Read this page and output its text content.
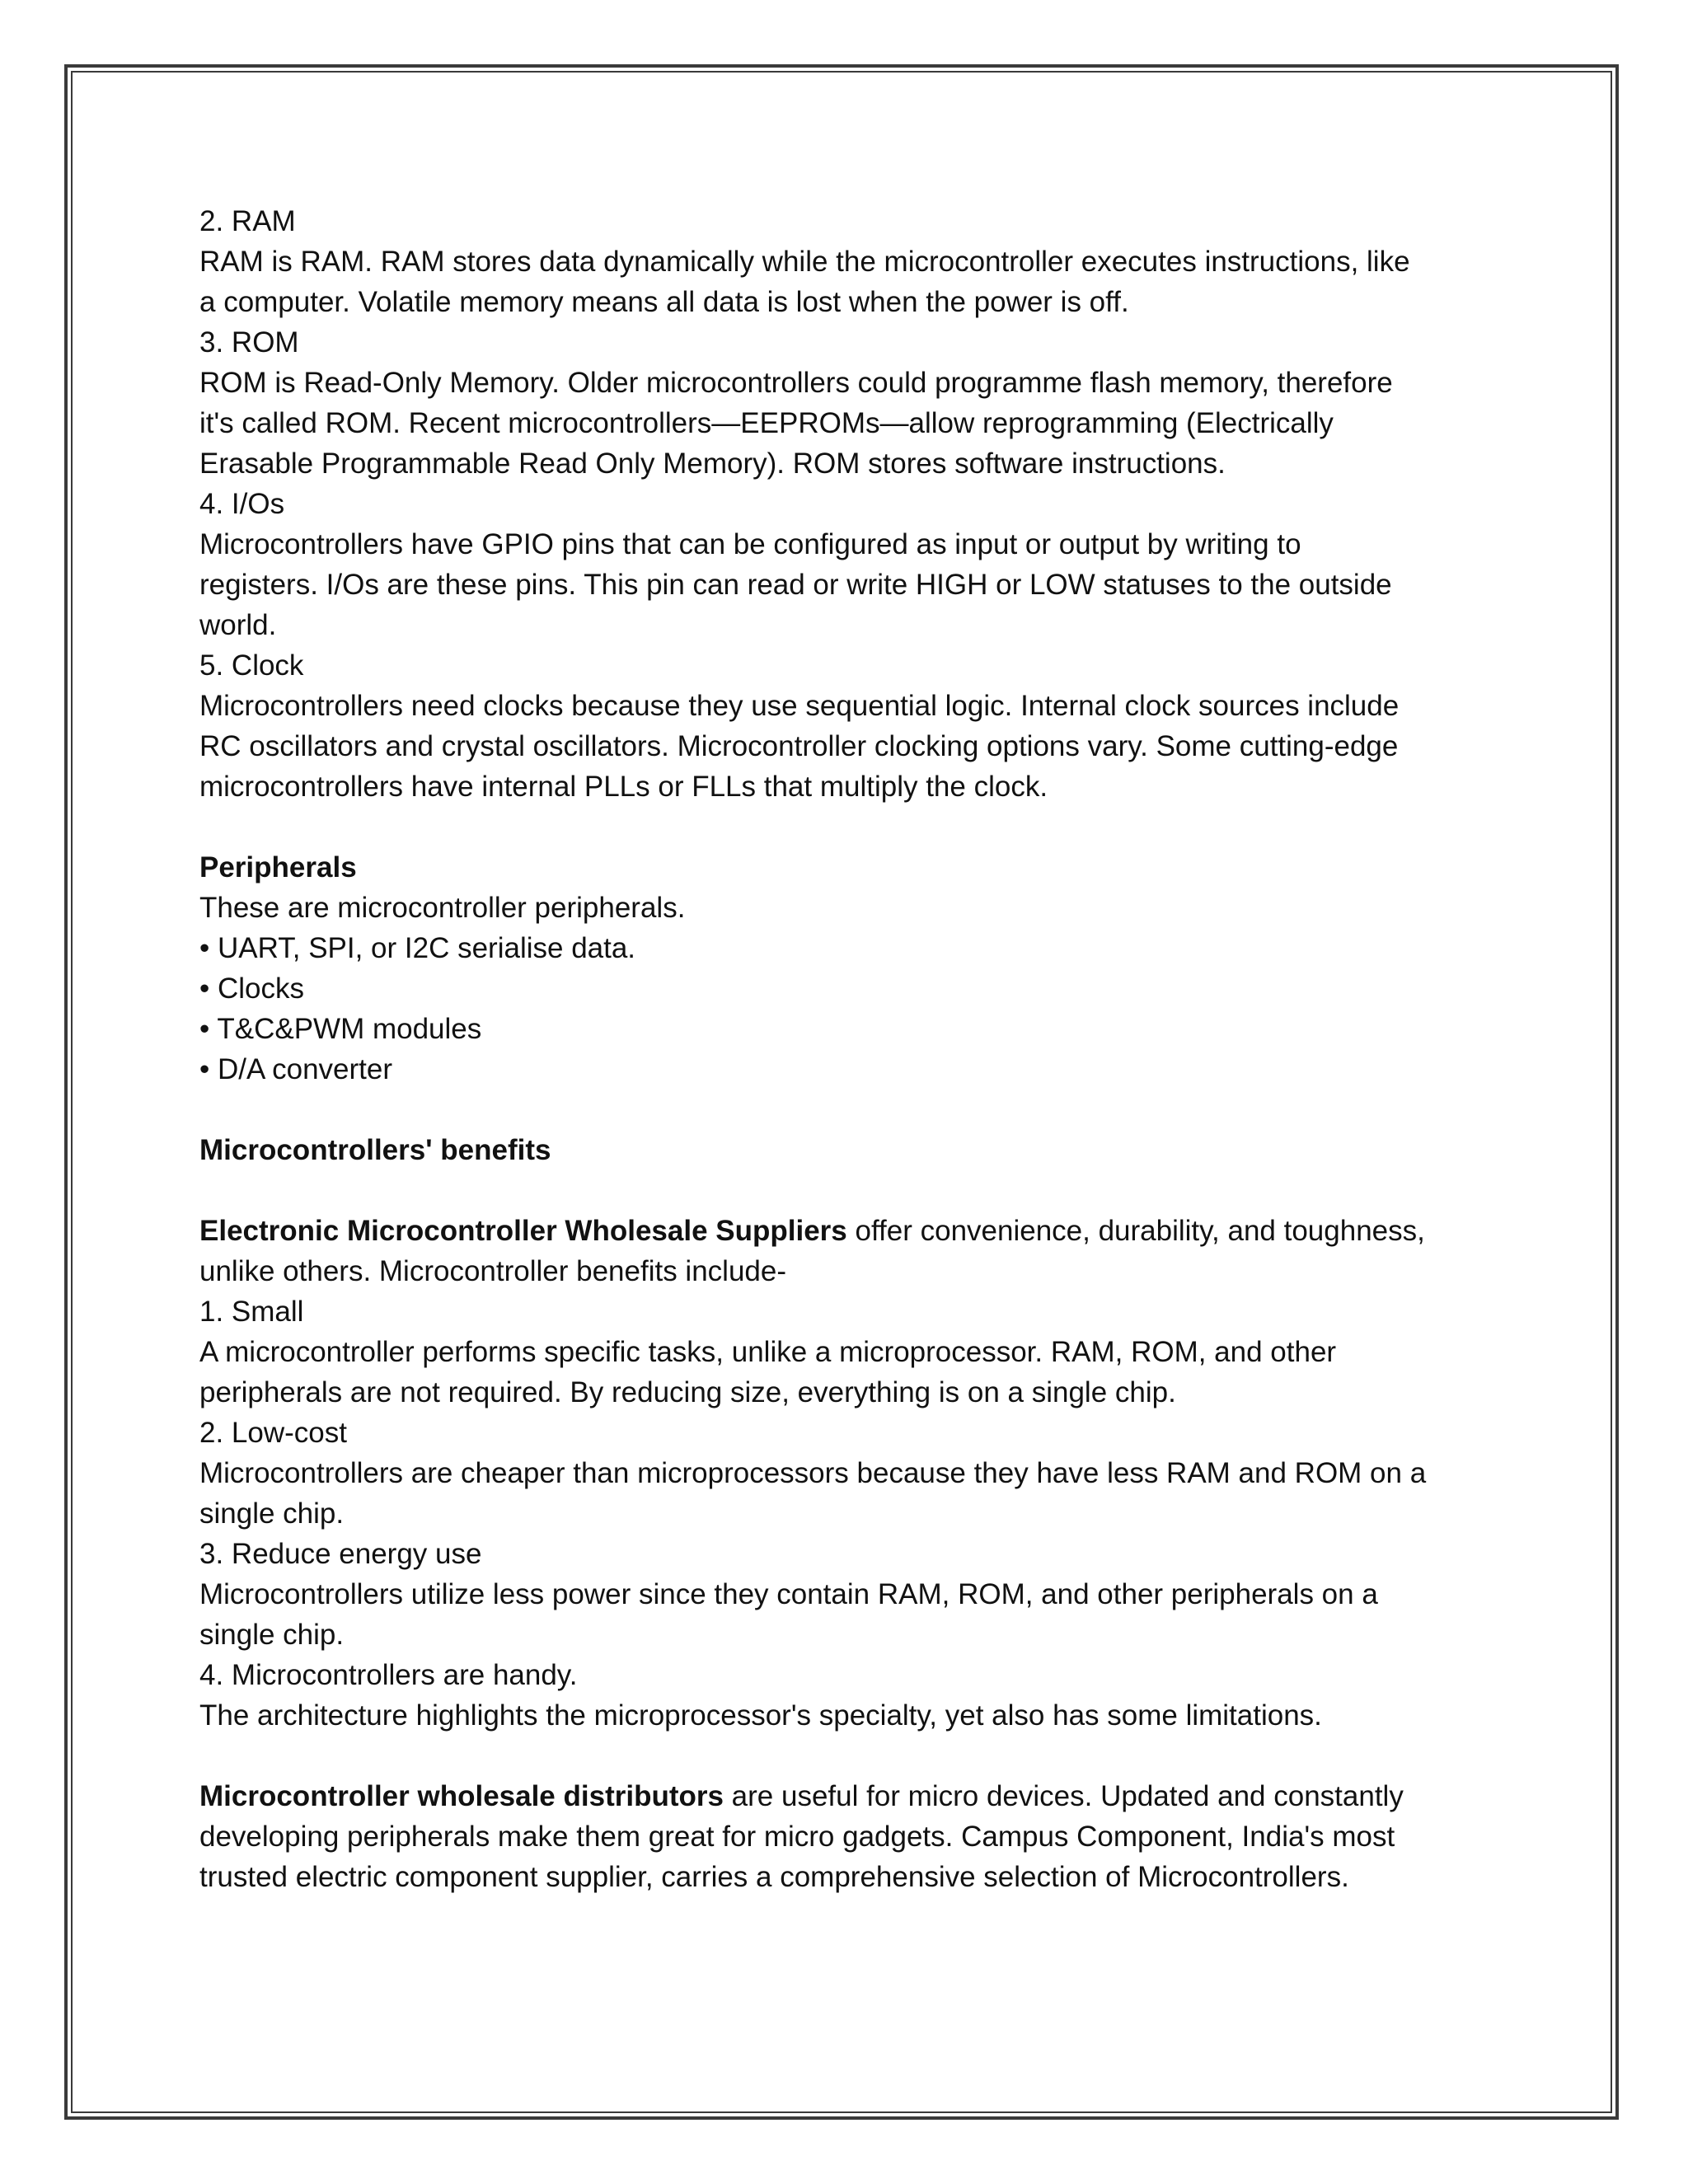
2. RAM

RAM is RAM. RAM stores data dynamically while the microcontroller executes instructions, like

a computer. Volatile memory means all data is lost when the power is off.

3. ROM

ROM is Read-Only Memory. Older microcontrollers could programme flash memory, therefore

it's called ROM. Recent microcontrollers—EEPROMs—allow reprogramming (Electrically

Erasable Programmable Read Only Memory). ROM stores software instructions.

4. I/Os

Microcontrollers have GPIO pins that can be configured as input or output by writing to

registers. I/Os are these pins. This pin can read or write HIGH or LOW statuses to the outside

world.

5. Clock

Microcontrollers need clocks because they use sequential logic. Internal clock sources include

RC oscillators and crystal oscillators. Microcontroller clocking options vary. Some cutting-edge

microcontrollers have internal PLLs or FLLs that multiply the clock.

Peripherals

These are microcontroller peripherals.

• UART, SPI, or I2C serialise data.

• Clocks

• T&C&PWM modules

• D/A converter

Microcontrollers' benefits

Electronic Microcontroller Wholesale Suppliers offer convenience, durability, and toughness,

unlike others. Microcontroller benefits include-

1. Small

A microcontroller performs specific tasks, unlike a microprocessor. RAM, ROM, and other

peripherals are not required. By reducing size, everything is on a single chip.

2. Low-cost

Microcontrollers are cheaper than microprocessors because they have less RAM and ROM on a

single chip.

3. Reduce energy use

Microcontrollers utilize less power since they contain RAM, ROM, and other peripherals on a

single chip.

4. Microcontrollers are handy.

The architecture highlights the microprocessor's specialty, yet also has some limitations.

Microcontroller wholesale distributors are useful for micro devices. Updated and constantly

developing peripherals make them great for micro gadgets. Campus Component, India's most

trusted electric component supplier, carries a comprehensive selection of Microcontrollers.
